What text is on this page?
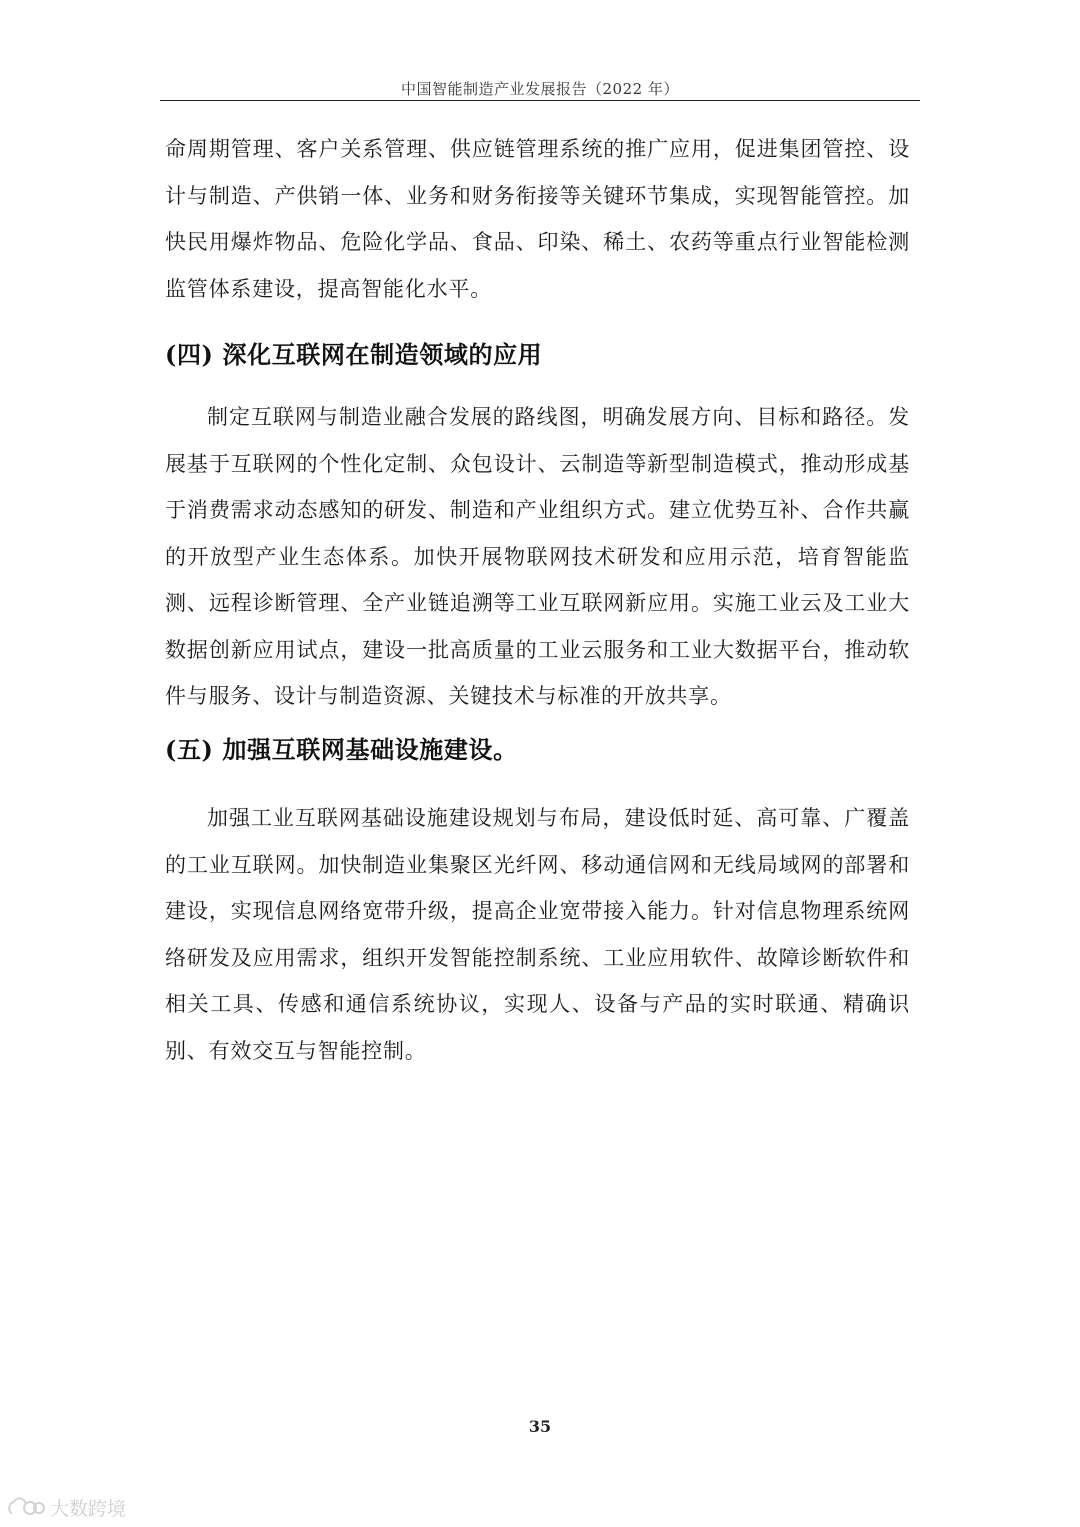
中国智能制造产业发展报告（2022 年）

命周期管理、客户关系管理、供应链管理系统的推广应用，促进集团管控、设计与制造、产供销一体、业务和财务衔接等关键环节集成，实现智能管控。加快民用爆炸物品、危险化学品、食品、印染、稀土、农药等重点行业智能检测监管体系建设，提高智能化水平。

(四) 深化互联网在制造领域的应用

制定互联网与制造业融合发展的路线图，明确发展方向、目标和路径。发展基于互联网的个性化定制、众包设计、云制造等新型制造模式，推动形成基于消费需求动态感知的研发、制造和产业组织方式。建立优势互补、合作共赢的开放型产业生态体系。加快开展物联网技术研发和应用示范，培育智能监测、远程诊断管理、全产业链追溯等工业互联网新应用。实施工业云及工业大数据创新应用试点，建设一批高质量的工业云服务和工业大数据平台，推动软件与服务、设计与制造资源、关键技术与标准的开放共享。

(五) 加强互联网基础设施建设。

加强工业互联网基础设施建设规划与布局，建设低时延、高可靠、广覆盖的工业互联网。加快制造业集聚区光纤网、移动通信网和无线局域网的部署和建设，实现信息网络宽带升级，提高企业宽带接入能力。针对信息物理系统网络研发及应用需求，组织开发智能控制系统、工业应用软件、故障诊断软件和相关工具、传感和通信系统协议，实现人、设备与产品的实时联通、精确识别、有效交互与智能控制。

35
大数跨境
